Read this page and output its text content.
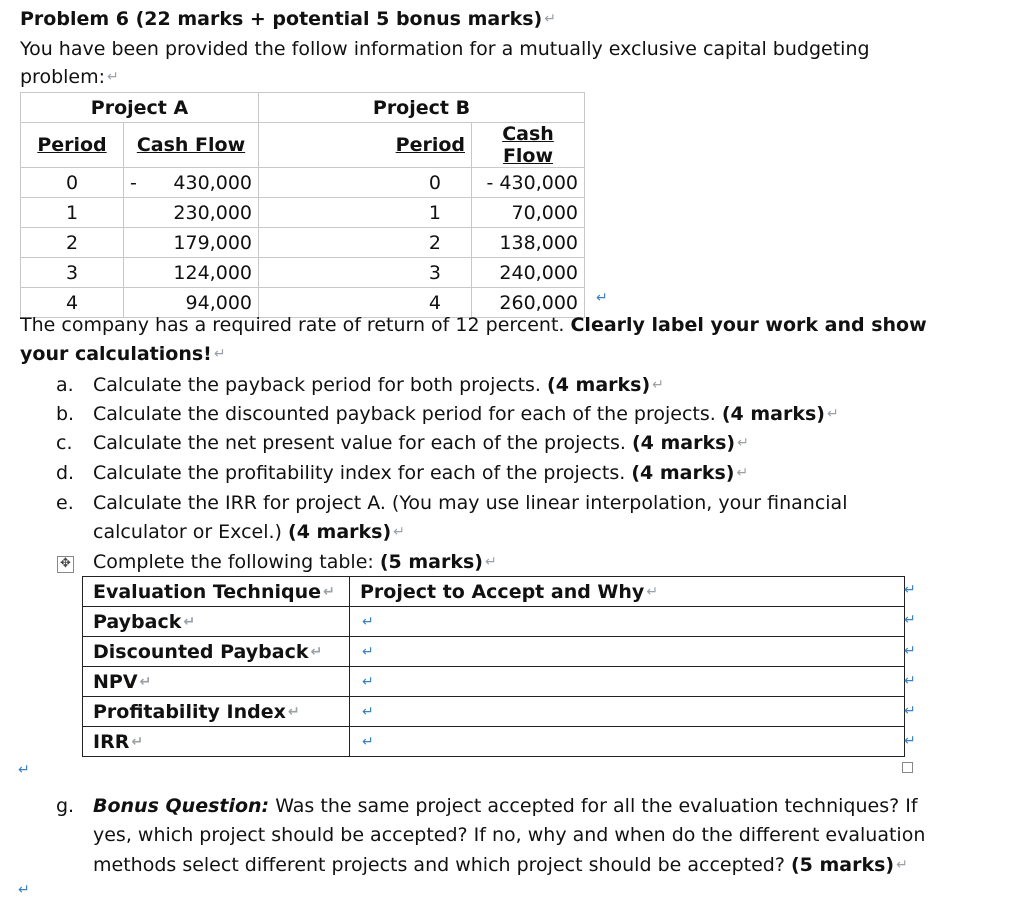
Problem 6 (22 marks + potential 5 bonus marks) ↵
You have been provided the follow information for a mutually exclusive capital budgeting
problem: ↵
Project A		Project B	
Period	Cash Flow	Period	Cash Flow
0	- 430,000	0	- 430,000
1	230,000	1	70,000
2	179,000	2	138,000
3	124,000	3	240,000
4	94,000	4	260,000 ↵
The company has a required rate of return of 12 percent. Clearly label your work and show
your calculations! ↵
a. Calculate the payback period for both projects. (4 marks) ↵
b. Calculate the discounted payback period for each of the projects. (4 marks) ↵
c. Calculate the net present value for each of the projects. (4 marks) ↵
d. Calculate the profitability index for each of the projects. (4 marks) ↵
e. Calculate the IRR for project A. (You may use linear interpolation, your financial
calculator or Excel.) (4 marks) ↵
✥ Complete the following table: (5 marks) ↵
Evaluation Technique ↵	Project to Accept and Why ↵
Payback ↵	↵
Discounted Payback ↵	↵
NPV ↵	↵
Profitability Index ↵	↵
IRR ↵	↵
↵
↵
↵
↵
↵
↵
↵
g. Bonus Question: Was the same project accepted for all the evaluation techniques? If
yes, which project should be accepted? If no, why and when do the different evaluation
methods select different projects and which project should be accepted? (5 marks) ↵
↵
